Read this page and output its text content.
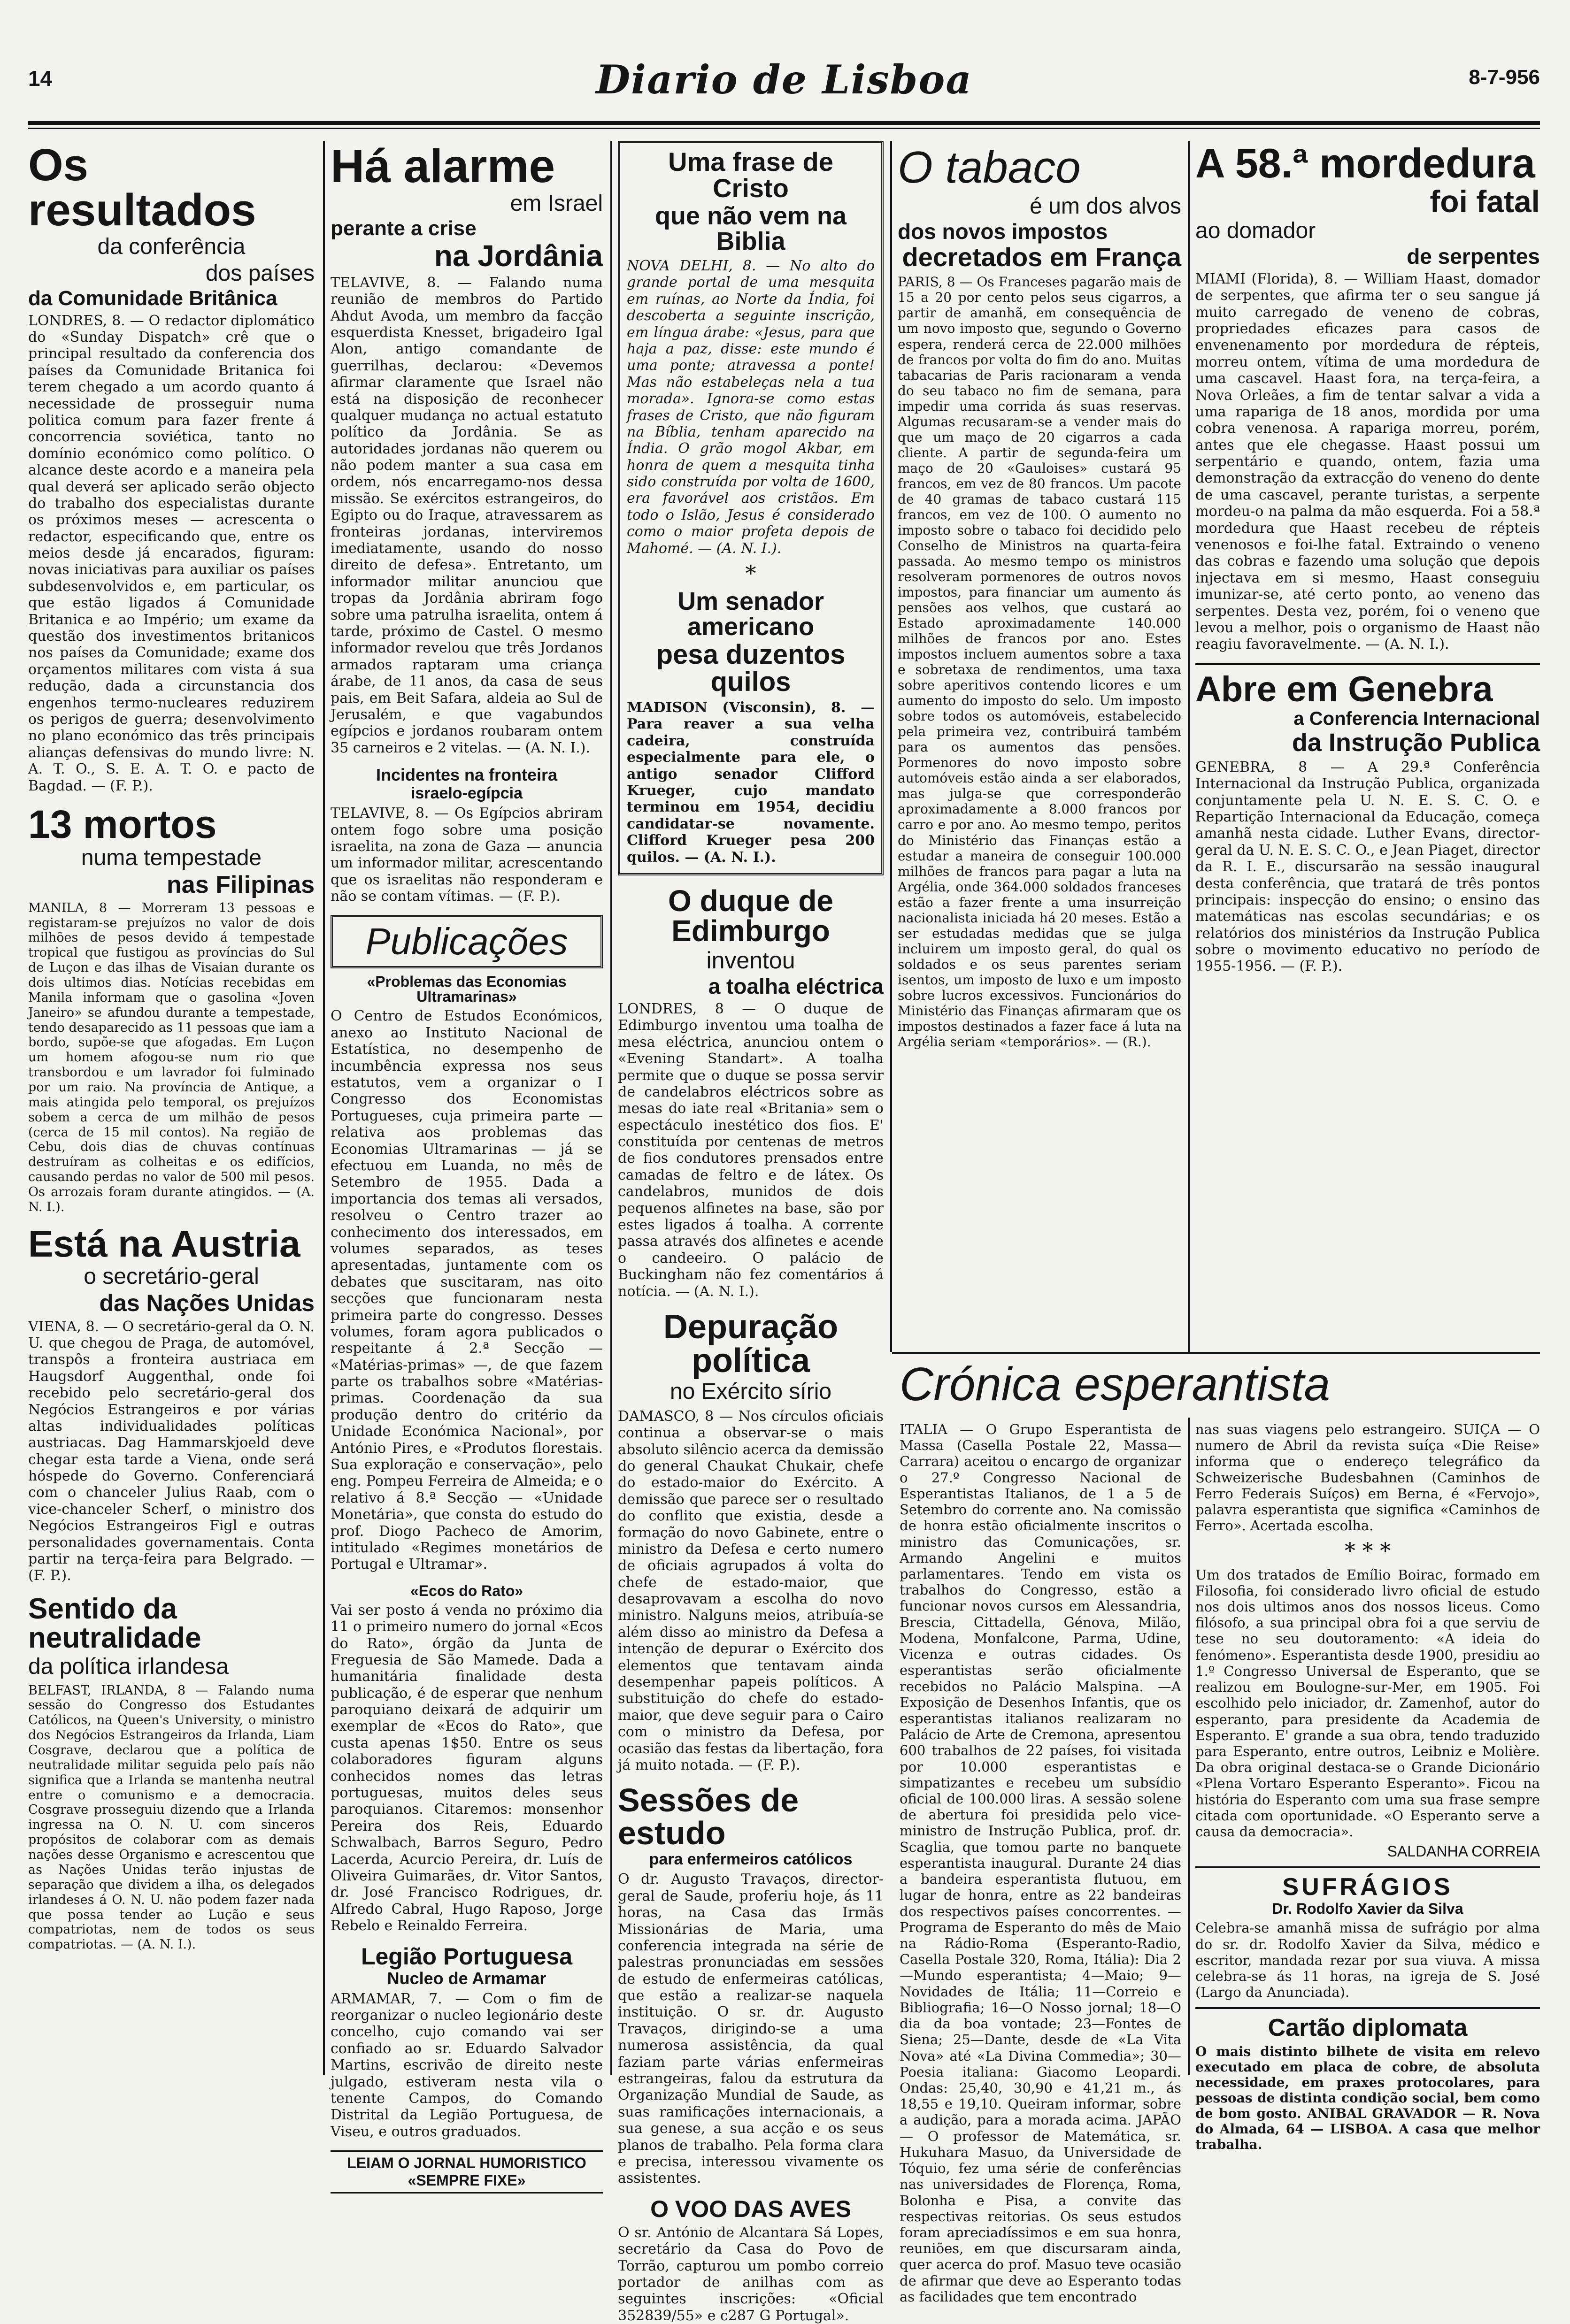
14	Diario de Lisboa	8-7-956
Os resultados
da conferência
dos países
da Comunidade Britânica
LONDRES, 8. — O redactor diplomático do «Sunday Dispatch» crê que o principal resultado da conferencia dos países da Comunidade Britanica foi terem chegado a um acordo quanto á necessidade de prosseguir numa politica comum para fazer frente á concorrencia soviética, tanto no domínio económico como político. O alcance deste acordo e a maneira pela qual deverá ser aplicado serão objecto do trabalho dos especialistas durante os próximos meses — acrescenta o redactor, especificando que, entre os meios desde já encarados, figuram: novas iniciativas para auxiliar os países subdesenvolvidos e, em particular, os que estão ligados á Comunidade Britanica e ao Império; um exame da questão dos investimentos britanicos nos países da Comunidade; exame dos orçamentos militares com vista á sua redução, dada a circunstancia dos engenhos termo-nucleares reduzirem os perigos de guerra; desenvolvimento no plano económico das três principais alianças defensivas do mundo livre: N. A. T. O., S. E. A. T. O. e pacto de Bagdad. — (F. P.).
13 mortos
numa tempestade
nas Filipinas
MANILA, 8 — Morreram 13 pessoas e registaram-se prejuízos no valor de dois milhões de pesos devido á tempestade tropical que fustigou as províncias do Sul de Luçon e das ilhas de Visaian durante os dois ultimos dias. Notícias recebidas em Manila informam que o gasolina «Joven Janeiro» se afundou durante a tempestade, tendo desaparecido as 11 pessoas que iam a bordo, supõe-se que afogadas. Em Luçon um homem afogou-se num rio que transbordou e um lavrador foi fulminado por um raio. Na província de Antique, a mais atingida pelo temporal, os prejuízos sobem a cerca de um milhão de pesos (cerca de 15 mil contos). Na região de Cebu, dois dias de chuvas contínuas destruíram as colheitas e os edifícios, causando perdas no valor de 500 mil pesos. Os arrozais foram durante atingidos. — (A. N. I.).
Está na Austria
o secretário-geral
das Nações Unidas
VIENA, 8. — O secretário-geral da O. N. U. que chegou de Praga, de automóvel, transpôs a fronteira austriaca em Haugsdorf Auggenthal, onde foi recebido pelo secretário-geral dos Negócios Estrangeiros e por várias altas individualidades políticas austriacas. Dag Hammarskjoeld deve chegar esta tarde a Viena, onde será hóspede do Governo. Conferenciará com o chanceler Julius Raab, com o vice-chanceler Scherf, o ministro dos Negócios Estrangeiros Figl e outras personalidades governamentais. Conta partir na terça-feira para Belgrado. — (F. P.).
Sentido da neutralidade
da política irlandesa
BELFAST, IRLANDA, 8 — Falando numa sessão do Congresso dos Estudantes Católicos, na Queen's University, o ministro dos Negócios Estrangeiros da Irlanda, Liam Cosgrave, declarou que a política de neutralidade militar seguida pelo país não significa que a Irlanda se mantenha neutral entre o comunismo e a democracia. Cosgrave prosseguiu dizendo que a Irlanda ingressa na O. N. U. com sinceros propósitos de colaborar com as demais nações desse Organismo e acrescentou que as Nações Unidas terão injustas de separação que dividem a ilha, os delegados irlandeses á O. N. U. não podem fazer nada que possa tender ao Lução e seus compatriotas, nem de todos os seus compatriotas. — (A. N. I.).
Há alarme
em Israel
perante a crise
na Jordânia
TELAVIVE, 8. — Falando numa reunião de membros do Partido Ahdut Avoda, um membro da facção esquerdista Knesset, brigadeiro Igal Alon, antigo comandante de guerrilhas, declarou: «Devemos afirmar claramente que Israel não está na disposição de reconhecer qualquer mudança no actual estatuto político da Jordânia. Se as autoridades jordanas não querem ou não podem manter a sua casa em ordem, nós encarregamo-nos dessa missão. Se exércitos estrangeiros, do Egipto ou do Iraque, atravessarem as fronteiras jordanas, interviremos imediatamente, usando do nosso direito de defesa». Entretanto, um informador militar anunciou que tropas da Jordânia abriram fogo sobre uma patrulha israelita, ontem á tarde, próximo de Castel. O mesmo informador revelou que três Jordanos armados raptaram uma criança árabe, de 11 anos, da casa de seus pais, em Beit Safara, aldeia ao Sul de Jerusalém, e que vagabundos egípcios e jordanos roubaram ontem 35 carneiros e 2 vitelas. — (A. N. I.).
Incidentes na fronteira
israelo-egípcia
TELAVIVE, 8. — Os Egípcios abriram ontem fogo sobre uma posição israelita, na zona de Gaza — anuncia um informador militar, acrescentando que os israelitas não responderam e não se contam vítimas. — (F. P.).
Publicações
«Problemas das Economias Ultramarinas»
O Centro de Estudos Económicos, anexo ao Instituto Nacional de Estatística, no desempenho de incumbência expressa nos seus estatutos, vem a organizar o I Congresso dos Economistas Portugueses, cuja primeira parte — relativa aos problemas das Economias Ultramarinas — já se efectuou em Luanda, no mês de Setembro de 1955. Dada a importancia dos temas ali versados, resolveu o Centro trazer ao conhecimento dos interessados, em volumes separados, as teses apresentadas, juntamente com os debates que suscitaram, nas oito secções que funcionaram nesta primeira parte do congresso. Desses volumes, foram agora publicados o respeitante á 2.ª Secção — «Matérias-primas» —, de que fazem parte os trabalhos sobre «Matérias-primas. Coordenação da sua produção dentro do critério da Unidade Económica Nacional», por António Pires, e «Produtos florestais. Sua exploração e conservação», pelo eng. Pompeu Ferreira de Almeida; e o relativo á 8.ª Secção — «Unidade Monetária», que consta do estudo do prof. Diogo Pacheco de Amorim, intitulado «Regimes monetários de Portugal e Ultramar».
«Ecos do Rato»
Vai ser posto á venda no próximo dia 11 o primeiro numero do jornal «Ecos do Rato», órgão da Junta de Freguesia de São Mamede. Dada a humanitária finalidade desta publicação, é de esperar que nenhum paroquiano deixará de adquirir um exemplar de «Ecos do Rato», que custa apenas 1$50. Entre os seus colaboradores figuram alguns conhecidos nomes das letras portuguesas, muitos deles seus paroquianos. Citaremos: monsenhor Pereira dos Reis, Eduardo Schwalbach, Barros Seguro, Pedro Lacerda, Acurcio Pereira, dr. Luís de Oliveira Guimarães, dr. Vitor Santos, dr. José Francisco Rodrigues, dr. Alfredo Cabral, Hugo Raposo, Jorge Rebelo e Reinaldo Ferreira.
Legião Portuguesa
Nucleo de Armamar
ARMAMAR, 7. — Com o fim de reorganizar o nucleo legionário deste concelho, cujo comando vai ser confiado ao sr. Eduardo Salvador Martins, escrivão de direito neste julgado, estiveram nesta vila o tenente Campos, do Comando Distrital da Legião Portuguesa, de Viseu, e outros graduados.
LEIAM O JORNAL HUMORISTICO «SEMPRE FIXE»
Uma frase de Cristo
que não vem na Biblia
NOVA DELHI, 8. — No alto do grande portal de uma mesquita em ruínas, ao Norte da Índia, foi descoberta a seguinte inscrição, em língua árabe: «Jesus, para que haja a paz, disse: este mundo é uma ponte; atravessa a ponte! Mas não estabeleças nela a tua morada». Ignora-se como estas frases de Cristo, que não figuram na Bíblia, tenham aparecido na Índia. O grão mogol Akbar, em honra de quem a mesquita tinha sido construída por volta de 1600, era favorável aos cristãos. Em todo o Islão, Jesus é considerado como o maior profeta depois de Mahomé. — (A. N. I.).
*
Um senador americano
pesa duzentos quilos
MADISON (Visconsin), 8. — Para reaver a sua velha cadeira, construída especialmente para ele, o antigo senador Clifford Krueger, cujo mandato terminou em 1954, decidiu candidatar-se novamente. Clifford Krueger pesa 200 quilos. — (A. N. I.).
O duque de Edimburgo
inventou
a toalha eléctrica
LONDRES, 8 — O duque de Edimburgo inventou uma toalha de mesa eléctrica, anunciou ontem o «Evening Standart». A toalha permite que o duque se possa servir de candelabros eléctricos sobre as mesas do iate real «Britania» sem o espectáculo inestético dos fios. E' constituída por centenas de metros de fios condutores prensados entre camadas de feltro e de látex. Os candelabros, munidos de dois pequenos alfinetes na base, são por estes ligados á toalha. A corrente passa através dos alfinetes e acende o candeeiro. O palácio de Buckingham não fez comentários á notícia. — (A. N. I.).
Depuração política
no Exército sírio
DAMASCO, 8 — Nos círculos oficiais continua a observar-se o mais absoluto silêncio acerca da demissão do general Chaukat Chukair, chefe do estado-maior do Exército. A demissão que parece ser o resultado do conflito que existia, desde a formação do novo Gabinete, entre o ministro da Defesa e certo numero de oficiais agrupados á volta do chefe de estado-maior, que desaprovavam a escolha do novo ministro. Nalguns meios, atribuía-se além disso ao ministro da Defesa a intenção de depurar o Exército dos elementos que tentavam ainda desempenhar papeis políticos. A substituição do chefe do estado-maior, que deve seguir para o Cairo com o ministro da Defesa, por ocasião das festas da libertação, fora já muito notada. — (F. P.).
Sessões de estudo
para enfermeiros católicos
O dr. Augusto Travaços, director-geral de Saude, proferiu hoje, ás 11 horas, na Casa das Irmãs Missionárias de Maria, uma conferencia integrada na série de palestras pronunciadas em sessões de estudo de enfermeiras católicas, que estão a realizar-se naquela instituição. O sr. dr. Augusto Travaços, dirigindo-se a uma numerosa assistência, da qual faziam parte várias enfermeiras estrangeiras, falou da estrutura da Organização Mundial de Saude, as suas ramificações internacionais, a sua genese, a sua acção e os seus planos de trabalho. Pela forma clara e precisa, interessou vivamente os assistentes.
O VOO DAS AVES
O sr. António de Alcantara Sá Lopes, secretário da Casa do Povo de Torrão, capturou um pombo correio portador de anilhas com as seguintes inscrições: «Oficial 352839/55» e c287 G Portugal».
O tabaco
é um dos alvos
dos novos impostos
decretados em França
PARIS, 8 — Os Franceses pagarão mais de 15 a 20 por cento pelos seus cigarros, a partir de amanhã, em consequência de um novo imposto que, segundo o Governo espera, renderá cerca de 22.000 milhões de francos por volta do fim do ano. Muitas tabacarias de Paris racionaram a venda do seu tabaco no fim de semana, para impedir uma corrida ás suas reservas. Algumas recusaram-se a vender mais do que um maço de 20 cigarros a cada cliente. A partir de segunda-feira um maço de 20 «Gauloises» custará 95 francos, em vez de 80 francos. Um pacote de 40 gramas de tabaco custará 115 francos, em vez de 100. O aumento no imposto sobre o tabaco foi decidido pelo Conselho de Ministros na quarta-feira passada. Ao mesmo tempo os ministros resolveram pormenores de outros novos impostos, para financiar um aumento ás pensões aos velhos, que custará ao Estado aproximadamente 140.000 milhões de francos por ano. Estes impostos incluem aumentos sobre a taxa e sobretaxa de rendimentos, uma taxa sobre aperitivos contendo licores e um aumento do imposto do selo. Um imposto sobre todos os automóveis, estabelecido pela primeira vez, contribuirá também para os aumentos das pensões. Pormenores do novo imposto sobre automóveis estão ainda a ser elaborados, mas julga-se que corresponderão aproximadamente a 8.000 francos por carro e por ano. Ao mesmo tempo, peritos do Ministério das Finanças estão a estudar a maneira de conseguir 100.000 milhões de francos para pagar a luta na Argélia, onde 364.000 soldados franceses estão a fazer frente a uma insurreição nacionalista iniciada há 20 meses. Estão a ser estudadas medidas que se julga incluirem um imposto geral, do qual os soldados e os seus parentes seriam isentos, um imposto de luxo e um imposto sobre lucros excessivos. Funcionários do Ministério das Finanças afirmaram que os impostos destinados a fazer face á luta na Argélia seriam «temporários». — (R.).
A 58.ª mordedura
foi fatal
ao domador
de serpentes
MIAMI (Florida), 8. — William Haast, domador de serpentes, que afirma ter o seu sangue já muito carregado de veneno de cobras, propriedades eficazes para casos de envenenamento por mordedura de répteis, morreu ontem, vítima de uma mordedura de uma cascavel. Haast fora, na terça-feira, a Nova Orleães, a fim de tentar salvar a vida a uma rapariga de 18 anos, mordida por uma cobra venenosa. A rapariga morreu, porém, antes que ele chegasse. Haast possui um serpentário e quando, ontem, fazia uma demonstração da extracção do veneno do dente de uma cascavel, perante turistas, a serpente mordeu-o na palma da mão esquerda. Foi a 58.ª mordedura que Haast recebeu de répteis venenosos e foi-lhe fatal. Extraindo o veneno das cobras e fazendo uma solução que depois injectava em si mesmo, Haast conseguiu imunizar-se, até certo ponto, ao veneno das serpentes. Desta vez, porém, foi o veneno que levou a melhor, pois o organismo de Haast não reagiu favoravelmente. — (A. N. I.).
Abre em Genebra
a Conferencia Internacional
da Instrução Publica
GENEBRA, 8 — A 29.ª Conferência Internacional da Instrução Publica, organizada conjuntamente pela U. N. E. S. C. O. e Repartição Internacional da Educação, começa amanhã nesta cidade. Luther Evans, director-geral da U. N. E. S. C. O., e Jean Piaget, director da R. I. E., discursarão na sessão inaugural desta conferência, que tratará de três pontos principais: inspecção do ensino; o ensino das matemáticas nas escolas secundárias; e os relatórios dos ministérios da Instrução Publica sobre o movimento educativo no período de 1955-1956. — (F. P.).
Crónica esperantista
ITALIA — O Grupo Esperantista de Massa (Casella Postale 22, Massa—Carrara) aceitou o encargo de organizar o 27.º Congresso Nacional de Esperantistas Italianos, de 1 a 5 de Setembro do corrente ano. Na comissão de honra estão oficialmente inscritos o ministro das Comunicações, sr. Armando Angelini e muitos parlamentares. Tendo em vista os trabalhos do Congresso, estão a funcionar novos cursos em Alessandria, Brescia, Cittadella, Génova, Milão, Modena, Monfalcone, Parma, Udine, Vicenza e outras cidades. Os esperantistas serão oficialmente recebidos no Palácio Malspina. —A Exposição de Desenhos Infantis, que os esperantistas italianos realizaram no Palácio de Arte de Cremona, apresentou 600 trabalhos de 22 países, foi visitada por 10.000 esperantistas e simpatizantes e recebeu um subsídio oficial de 100.000 liras. A sessão solene de abertura foi presidida pelo vice-ministro de Instrução Publica, prof. dr. Scaglia, que tomou parte no banquete esperantista inaugural. Durante 24 dias a bandeira esperantista flutuou, em lugar de honra, entre as 22 bandeiras dos respectivos países concorrentes. —Programa de Esperanto do mês de Maio na Rádio-Roma (Esperanto-Radio, Casella Postale 320, Roma, Itália): Dia 2—Mundo esperantista; 4—Maio; 9—Novidades de Itália; 11—Correio e Bibliografia; 16—O Nosso jornal; 18—O dia da boa vontade; 23—Fontes de Siena; 25—Dante, desde de «La Vita Nova» até «La Divina Commedia»; 30—Poesia italiana: Giacomo Leopardi. Ondas: 25,40, 30,90 e 41,21 m., ás 18,55 e 19,10. Queiram informar, sobre a audição, para a morada acima. JAPÃO — O professor de Matemática, sr. Hukuhara Masuo, da Universidade de Tóquio, fez uma série de conferências nas universidades de Florença, Roma, Bolonha e Pisa, a convite das respectivas reitorias. Os seus estudos foram apreciadíssimos e em sua honra, reuniões, em que discursaram ainda, quer acerca do prof. Masuo teve ocasião de afirmar que deve ao Esperanto todas as facilidades que tem encontrado
nas suas viagens pelo estrangeiro. SUIÇA — O numero de Abril da revista suíça «Die Reise» informa que o endereço telegráfico da Schweizerische Budesbahnen (Caminhos de Ferro Federais Suíços) em Berna, é «Fervojo», palavra esperantista que significa «Caminhos de Ferro». Acertada escolha.
* * *
Um dos tratados de Emílio Boirac, formado em Filosofia, foi considerado livro oficial de estudo nos dois ultimos anos dos nossos liceus. Como filósofo, a sua principal obra foi a que serviu de tese no seu doutoramento: «A ideia do fenómeno». Esperantista desde 1900, presidiu ao 1.º Congresso Universal de Esperanto, que se realizou em Boulogne-sur-Mer, em 1905. Foi escolhido pelo iniciador, dr. Zamenhof, autor do esperanto, para presidente da Academia de Esperanto. E' grande a sua obra, tendo traduzido para Esperanto, entre outros, Leibniz e Molière. Da obra original destaca-se o Grande Dicionário «Plena Vortaro Esperanto Esperanto». Ficou na história do Esperanto com uma sua frase sempre citada com oportunidade. «O Esperanto serve a causa da democracia».
SALDANHA CORREIA
SUFRÁGIOS
Dr. Rodolfo Xavier da Silva
Celebra-se amanhã missa de sufrágio por alma do sr. dr. Rodolfo Xavier da Silva, médico e escritor, mandada rezar por sua viuva. A missa celebra-se ás 11 horas, na igreja de S. José (Largo da Anunciada).
Cartão diplomata
O mais distinto bilhete de visita em relevo executado em placa de cobre, de absoluta necessidade, em praxes protocolares, para pessoas de distinta condição social, bem como de bom gosto. ANIBAL GRAVADOR — R. Nova do Almada, 64 — LISBOA. A casa que melhor trabalha.
